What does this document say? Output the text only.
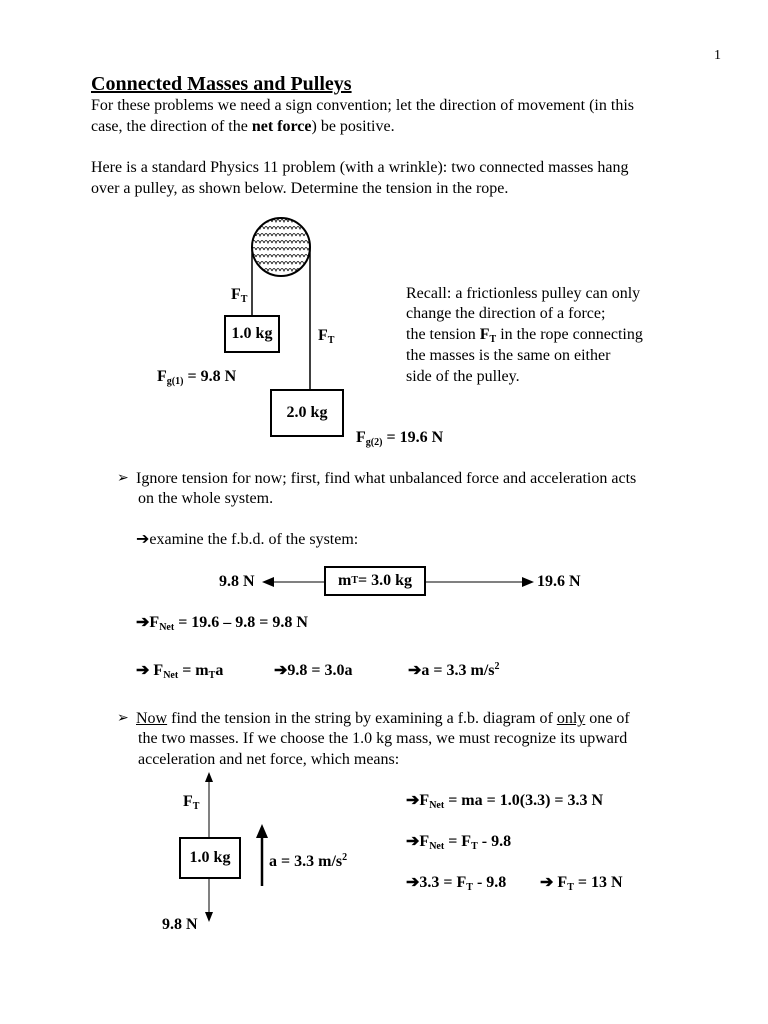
1
Connected Masses and Pulleys
For these problems we need a sign convention; let the direction of movement (in this
case, the direction of the net force) be positive.
Here is a standard Physics 11 problem (with a wrinkle): two connected masses hang
over a pulley, as shown below. Determine the tension in the rope.
$F_T$
1.0 kg	$F_T$
$F_{g(1)} = 9.8$ N
2.0 kg
$F_{g(2)} = 19.6$ N
Recall: a frictionless pulley can only
change the direction of a force;
the tension $F_T$ in the rope connecting
the masses is the same on either
side of the pulley.
➢ Ignore tension for now; first, find what unbalanced force and acceleration acts
on the whole system.
➔examine the f.b.d. of the system:
9.8 N	m T = 3.0 kg	19.6 N
$➔F_{Net} = 19.6 - 9.8 = 9.8$ N
➔ $F_{Net} = m_Ta$	➔9.8 = 3.0a	➔a = 3.3 $m/s^2$
➢ Now find the tension in the string by examining a f.b. diagram of only one of
the two masses. If we choose the 1.0 kg mass, we must recognize its upward
acceleration and net force, which means:
$F_T$
1.0 kg	a = 3.3 $m/s^2$
9.8 N
$➔F_{Net}$ = ma = 1.0(3.3) = 3.3 N
$➔F_{Net} = F_T - 9.8$
➔3.3 = $F_T - 9.8$ ➔ $F_T = 13$ N
